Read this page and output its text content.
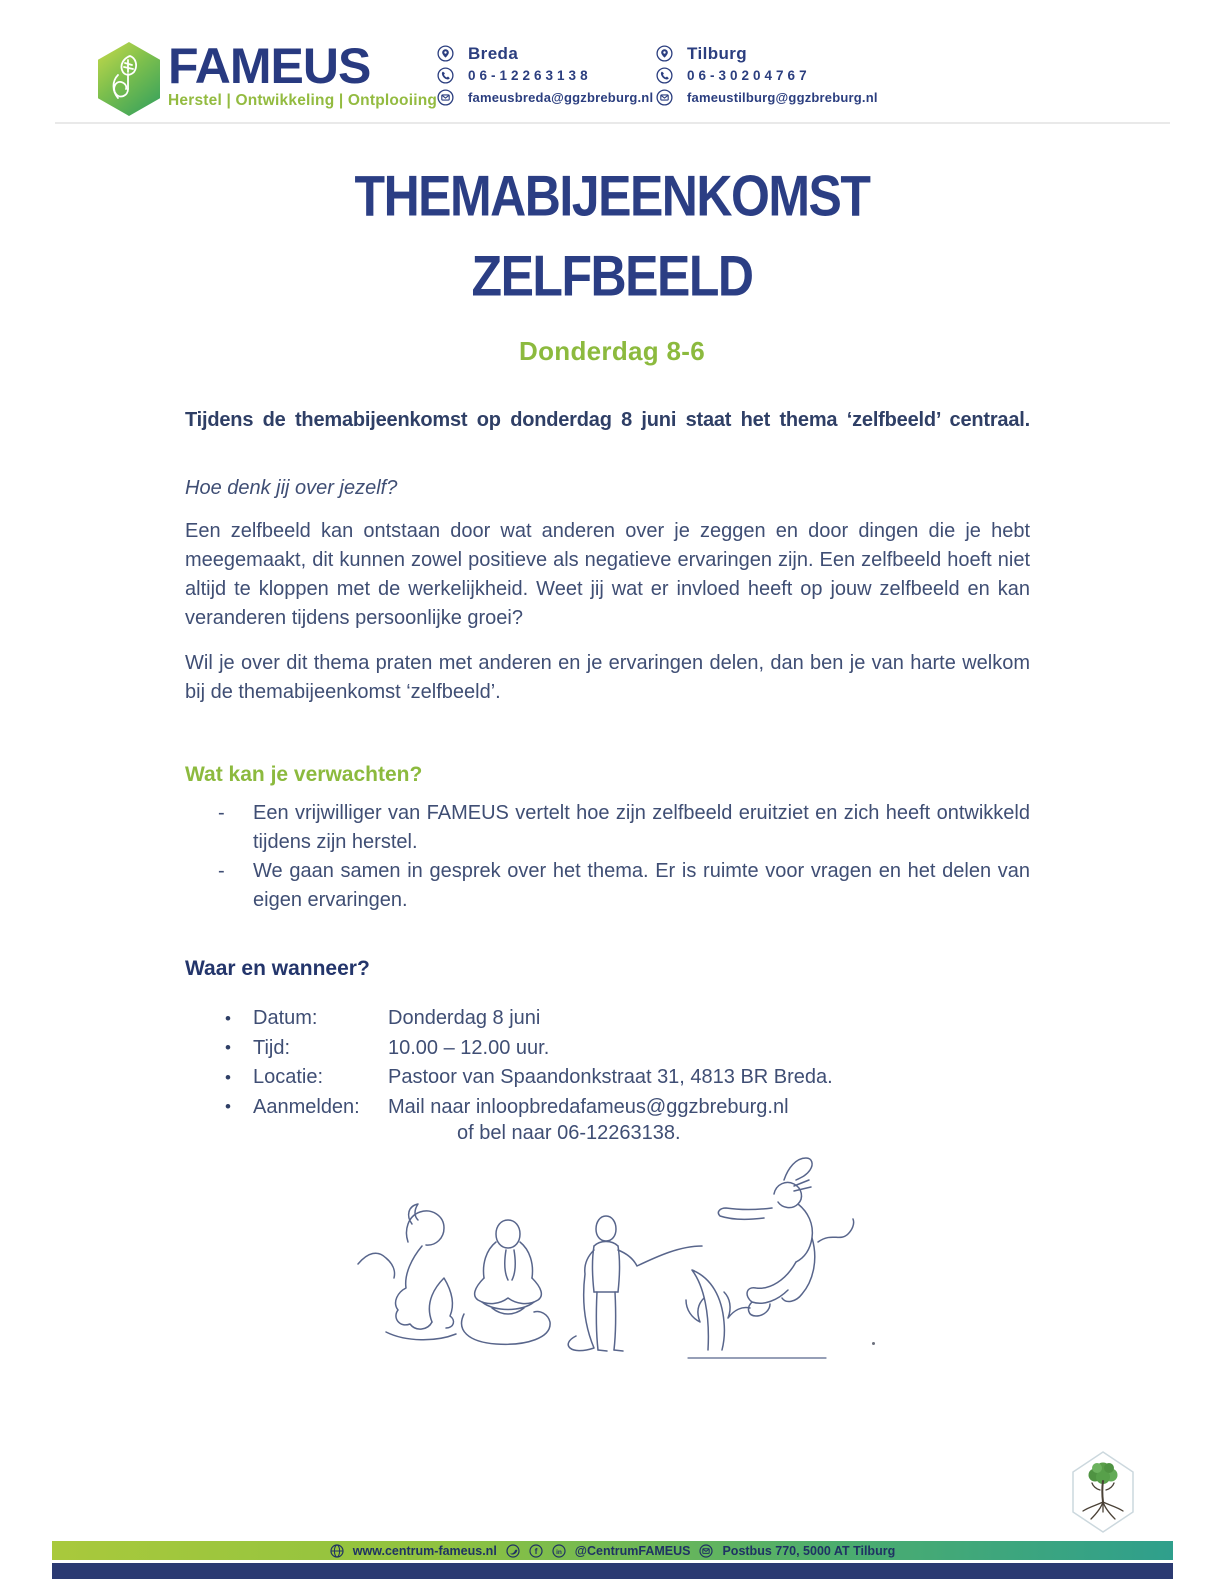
FAMEUS
Herstel | Ontwikkeling | Ontplooiing
Breda
06-12263138
fameusbreda@ggzbreburg.nl
Tilburg
06-30204767
fameustilburg@ggzbreburg.nl
THEMABIJEENKOMST
ZELFBEELD
Donderdag 8-6
Tijdens de themabijeenkomst op donderdag 8 juni staat het thema ‘zelfbeeld’ centraal.
Hoe denk jij over jezelf?
Een zelfbeeld kan ontstaan door wat anderen over je zeggen en door dingen die je hebt meegemaakt, dit kunnen zowel positieve als negatieve ervaringen zijn. Een zelfbeeld hoeft niet altijd te kloppen met de werkelijkheid. Weet jij wat er invloed heeft op jouw zelfbeeld en kan veranderen tijdens persoonlijke groei?
Wil je over dit thema praten met anderen en je ervaringen delen, dan ben je van harte welkom bij de themabijeenkomst ‘zelfbeeld’.
Wat kan je verwachten?
-	Een vrijwilliger van FAMEUS vertelt hoe zijn zelfbeeld eruitziet en zich heeft ontwikkeld tijdens zijn herstel.
-	We gaan samen in gesprek over het thema. Er is ruimte voor vragen en het delen van eigen ervaringen.
Waar en wanneer?
•	Datum:	Donderdag 8 juni
•	Tijd:	10.00 – 12.00 uur.
•	Locatie:	Pastoor van Spaandonkstraat 31, 4813 BR Breda.
•	Aanmelden:	Mail naar inloopbredafameus@ggzbreburg.nl
of bel naar 06-12263138.
www.centrum-fameus.nl	f	in @CentrumFAMEUS	Postbus 770, 5000 AT Tilburg
